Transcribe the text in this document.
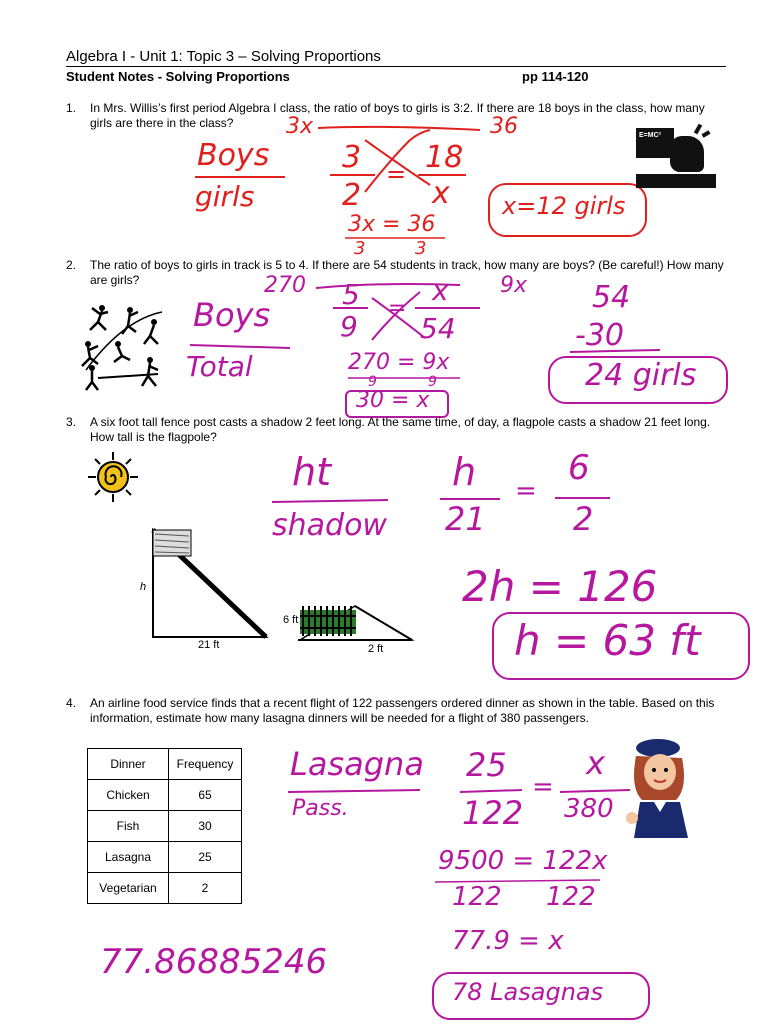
Algebra I - Unit 1: Topic 3 – Solving Proportions
Student Notes - Solving Proportions	pp 114-120
1. In Mrs. Willis’s first period Algebra I class, the ratio of boys to girls is 3:2. If there are 18 boys in the class, how many girls are there in the class?	3x	36
Boys
girls
3
2
= 18
x
3x = 36
3	3
x=12 girls
E=MC²
2. The ratio of boys to girls in track is 5 to 4. If there are 54 students in track, how many are boys? (Be careful!) How many are girls?	270	9x
Boys
Total
5
9
=
x
54
270 = 9x
9	9
30 = x
54
-30
24 girls
3. A six foot tall fence post casts a shadow 2 feet long. At the same time, of day, a flagpole casts a shadow 21 feet long. How tall is the flagpole?
h
21 ft
6 ft
2 ft
ht
shadow
h
21
=
6
2
2h = 126
h = 63 ft
4. An airline food service finds that a recent flight of 122 passengers ordered dinner as shown in the table. Based on this information, estimate how many lasagna dinners will be needed for a flight of 380 passengers.
Dinner	Frequency
Chicken	65
Fish	30
Lasagna	25
Vegetarian	2
Lasagna
Pass.
25
122
=
x
380
9500 = 122x
122 122
77.86885246
77.9 = x
78 Lasagnas
